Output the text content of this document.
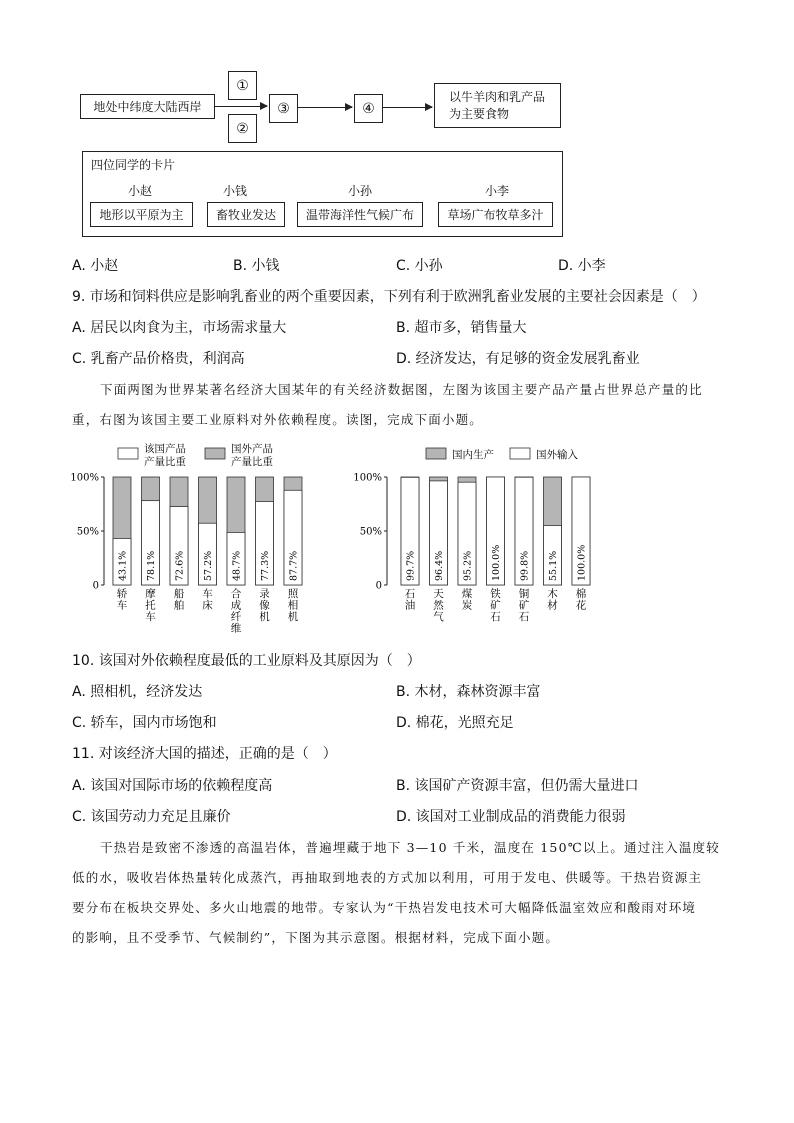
地处中纬度大陆西岸
①
②
③	④
以牛羊肉和乳产品
为主要食物
四位同学的卡片
小赵	小钱	小孙	小李
地形以平原为主	畜牧业发达	温带海洋性气候广布	草场广布牧草多汁
A. 小赵	B. 小钱	C. 小孙	D. 小李
9. 市场和饲料供应是影响乳畜业的两个重要因素，下列有利于欧洲乳畜业发展的主要社会因素是（　）
A. 居民以肉食为主，市场需求量大	B. 超市多，销售量大
C. 乳畜产品价格贵，利润高	D. 经济发达，有足够的资金发展乳畜业
下面两图为世界某著名经济大国某年的有关经济数据图，左图为该国主要产品产量占世界总产量的比
重，右图为该国主要工业原料对外依赖程度。读图，完成下面小题。
该国产品
产量比重
国外产品
产量比重
100%
50%
0
43.1%
轿
车
78.1%
摩
托
车
72.6%
船
舶
57.2%
车
床
48.7%
合
成
纤
维
77.3%
录
像
机
87.7%
照
相
机
国内生产	国外输入
100%
50%
0
99.7%
石
油
96.4%
天
然
气
95.2%
煤
炭
100.0%
铁
矿
石
99.8%
铜
矿
石
55.1%
木
材
100.0%
棉
花
10. 该国对外依赖程度最低的工业原料及其原因为（　）
A. 照相机，经济发达	B. 木材，森林资源丰富
C. 轿车，国内市场饱和	D. 棉花，光照充足
11. 对该经济大国的描述，正确的是（　）
A. 该国对国际市场的依赖程度高	B. 该国矿产资源丰富，但仍需大量进口
C. 该国劳动力充足且廉价	D. 该国对工业制成品的消费能力很弱
干热岩是致密不渗透的高温岩体，普遍埋藏于地下 3—10 千米，温度在 150℃以上。通过注入温度较
低的水，吸收岩体热量转化成蒸汽，再抽取到地表的方式加以利用，可用于发电、供暖等。干热岩资源主
要分布在板块交界处、多火山地震的地带。专家认为“干热岩发电技术可大幅降低温室效应和酸雨对环境
的影响，且不受季节、气候制约”，下图为其示意图。根据材料，完成下面小题。
